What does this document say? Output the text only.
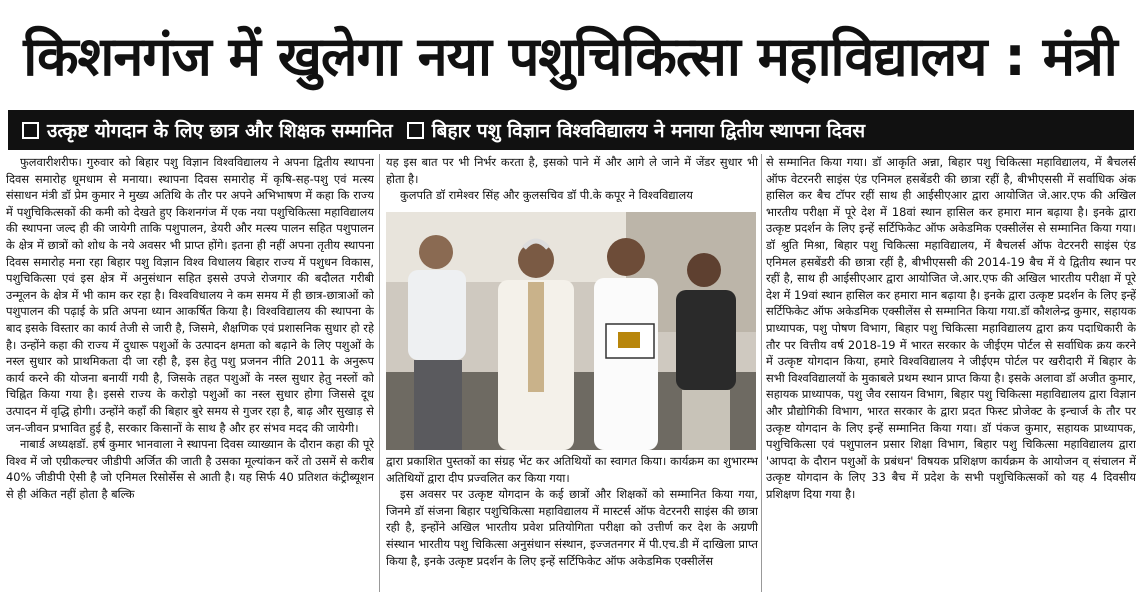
किशनगंज में खुलेगा नया पशुचिकित्सा महाविद्यालय : मंत्री
उत्कृष्ट योगदान के लिए छात्र और शिक्षक सम्मानित बिहार पशु विज्ञान विश्वविद्यालय ने मनाया द्वितीय स्थापना दिवस

फुलवारीशरीफ। गुरुवार को बिहार पशु विज्ञान विश्वविद्यालय ने अपना द्वितीय स्थापना दिवस समारोह धूमधाम से मनाया। स्थापना दिवस समारोह में कृषि-सह-पशु एवं मत्स्य संसाधन मंत्री डॉ प्रेम कुमार ने मुख्य अतिथि के तौर पर अपने अभिभाषण में कहा कि राज्य में पशुचिकित्सकों की कमी को देखते हुए किशनगंज में एक नया पशुचिकित्सा महाविद्यालय की स्थापना जल्द ही की जायेगी ताकि पशुपालन, डेयरी और मत्स्य पालन सहित पशुपालन के क्षेत्र में छात्रों को शोध के नये अवसर भी प्राप्त होंगे। इतना ही नहीं अपना तृतीय स्थापना दिवस समारोह मना रहा बिहार पशु विज्ञान विश्व विधालय बिहार राज्य में पशुधन विकास, पशुचिकित्सा एवं इस क्षेत्र में अनुसंधान सहित इससे उपजे रोजगार की बदौलत गरीबी उन्मूलन के क्षेत्र में भी काम कर रहा है। विश्वविधालय ने कम समय में ही छात्र-छात्राओं को पशुपालन की पढ़ाई के प्रति अपना ध्यान आकर्षित किया है। विश्वविद्यालय की स्थापना के बाद इसके विस्तार का कार्य तेजी से जारी है, जिसमे, शैक्षणिक एवं प्रशासनिक सुधार हो रहे है। उन्होंने कहा की राज्य में दुधारू पशुओं के उत्पादन क्षमता को बढ़ाने के लिए पशुओं के नस्ल सुधार को प्राथमिकता दी जा रही है, इस हेतु पशु प्रजनन नीति 2011 के अनुरूप कार्य करने की योजना बनायीं गयी है, जिसके तहत पशुओं के नस्ल सुधार हेतु नस्लों को चिह्नित किया गया है। इससे राज्य के करोड़ो पशुओं का नस्ल सुधार होगा जिससे दूध उत्पादन में वृद्धि होगी। उन्होंने कहाँ की बिहार बुरे समय से गुजर रहा है, बाढ़ और सुखाड़ से जन-जीवन प्रभावित हुई है, सरकार किसानों के साथ है और हर संभव मदद की जायेगी।

नाबार्ड अध्यक्षडॉ. हर्ष कुमार भानवाला ने स्थापना दिवस व्याख्यान के दौरान कहा की पूरे विश्व में जो एग्रीकल्चर जीडीपी अर्जित की जाती है उसका मूल्यांकन करें तो उसमें से करीब 40% जीडीपी ऐसी है जो एनिमल रिसोर्सेस से आती है। यह सिर्फ 40 प्रतिशत कंट्रीब्यूशन से ही अंकित नहीं होता है बल्कि

यह इस बात पर भी निर्भर करता है, इसको पाने में और आगे ले जाने में जेंडर सुधार भी होता है।

कुलपति डॉ रामेश्वर सिंह और कुलसचिव डॉ पी.के कपूर ने विश्वविद्यालय

द्वारा प्रकाशित पुस्तकों का संग्रह भेंट कर अतिथियों का स्वागत किया। कार्यक्रम का शुभारम्भ अतिथियों द्वारा दीप प्रज्वलित कर किया गया।

इस अवसर पर उत्कृष्ट योगदान के कई छात्रों और शिक्षकों को सम्मानित किया गया, जिनमे डॉ संजना बिहार पशुचिकित्सा महाविद्यालय में मास्टर्स ऑफ वेटरनरी साइंस की छात्रा रही है, इन्होंने अखिल भारतीय प्रवेश प्रतियोगिता परीक्षा को उत्तीर्ण कर देश के अग्रणी संस्थान भारतीय पशु चिकित्सा अनुसंधान संस्थान, इज्जतनगर में पी.एच.डी में दाखिला प्राप्त किया है, इनके उत्कृष्ट प्रदर्शन के लिए इन्हें सर्टिफिकेट ऑफ अकेडमिक एक्सीलेंस

से सम्मानित किया गया। डॉ आकृति अन्ना, बिहार पशु चिकित्सा महाविद्यालय, में बैचलर्स ऑफ वेटरनरी साइंस एंड एनिमल हसबेंडरी की छात्रा रहीं है, बीभीएससी में सर्वाधिक अंक हासिल कर बैच टॉपर रहीं साथ ही आईसीएआर द्वारा आयोजित जे.आर.एफ की अखिल भारतीय परीक्षा में पूरे देश में 18वां स्थान हासिल कर हमारा मान बढ़ाया है। इनके द्वारा उत्कृष्ट प्रदर्शन के लिए इन्हें सर्टिफिकेट ऑफ अकेडमिक एक्सीलेंस से सम्मानित किया गया। डॉ श्रुति मिश्रा, बिहार पशु चिकित्सा महाविद्यालय, में बैचलर्स ऑफ वेटरनरी साइंस एंड एनिमल हसबेंडरी की छात्रा रहीं है, बीभीएससी की 2014-19 बैच में ये द्वितीय स्थान पर रहीं है, साथ ही आईसीएआर द्वारा आयोजित जे.आर.एफ की अखिल भारतीय परीक्षा में पूरे देश में 19वां स्थान हासिल कर हमारा मान बढ़ाया है। इनके द्वारा उत्कृष्ट प्रदर्शन के लिए इन्हें सर्टिफिकेट ऑफ अकेडमिक एक्सीलेंस से सम्मानित किया गया.डॉ कौशलेन्द्र कुमार, सहायक प्राध्यापक, पशु पोषण विभाग, बिहार पशु चिकित्सा महाविद्यालय द्वारा क्रय पदाधिकारी के तौर पर वित्तीय वर्ष 2018-19 में भारत सरकार के जीईएम पोर्टल से सर्वाधिक क्रय करने में उत्कृष्ट योगदान किया, हमारे विश्वविद्यालय ने जीईएम पोर्टल पर खरीदारी में बिहार के सभी विश्वविद्यालयों के मुकाबले प्रथम स्थान प्राप्त किया है। इसके अलावा डॉ अजीत कुमार, सहायक प्राध्यापक, पशु जैव रसायन विभाग, बिहार पशु चिकित्सा महाविद्यालय द्वारा विज्ञान और प्रौद्योगिकी विभाग, भारत सरकार के द्वारा प्रदत फिस्ट प्रोजेक्ट के इन्चार्ज के तौर पर उत्कृष्ट योगदान के लिए इन्हें सम्मानित किया गया। डॉ पंकज कुमार, सहायक प्राध्यापक, पशुचिकित्सा एवं पशुपालन प्रसार शिक्षा विभाग, बिहार पशु चिकित्सा महाविद्यालय द्वारा 'आपदा के दौरान पशुओं के प्रबंधन' विषयक प्रशिक्षण कार्यक्रम के आयोजन व् संचालन में उत्कृष्ट योगदान के लिए 33 बैच में प्रदेश के सभी पशुचिकित्सकों को यह 4 दिवसीय प्रशिक्षण दिया गया है।
